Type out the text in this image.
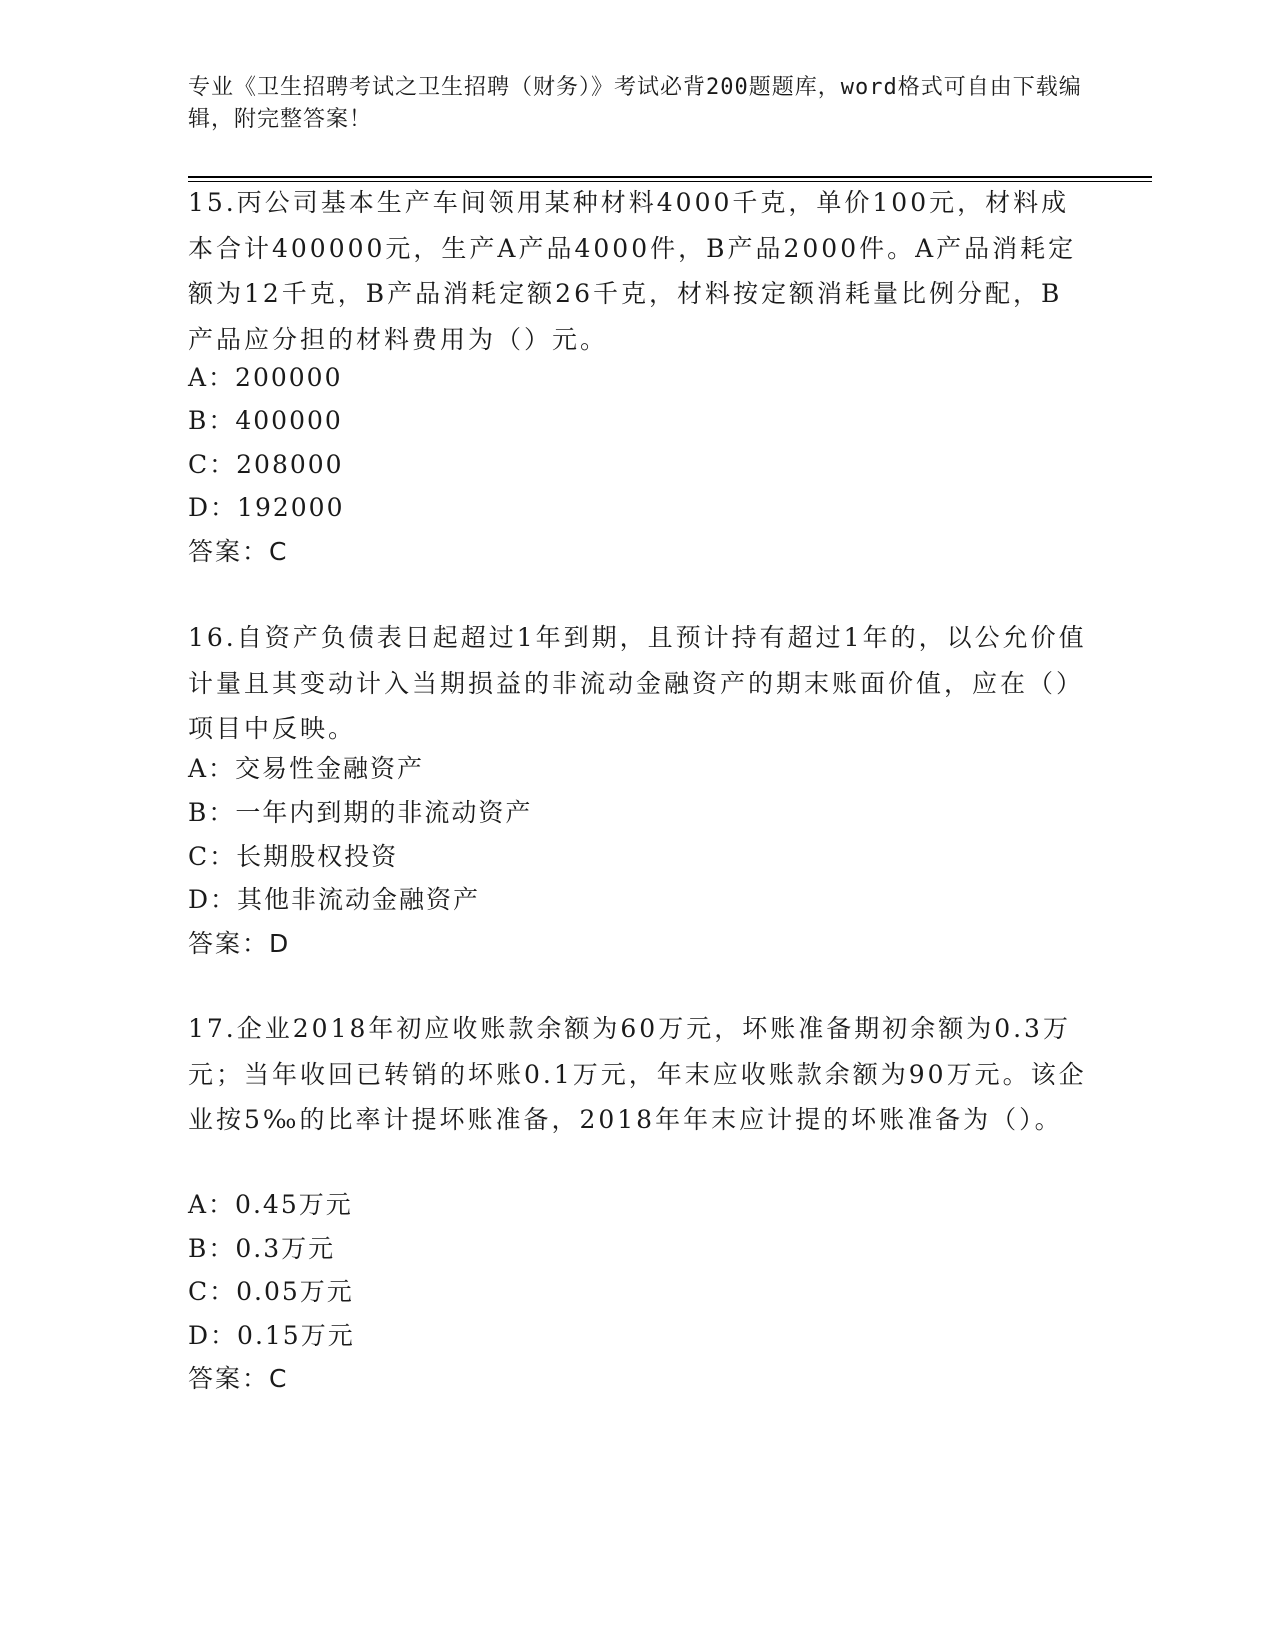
专业《卫生招聘考试之卫生招聘（财务）》考试必背200题题库，word格式可自由下载编辑，附完整答案！

15.丙公司基本生产车间领用某种材料4000千克，单价100元，材料成本合计400000元，生产A产品4000件，B产品2000件。A产品消耗定额为12千克，B产品消耗定额26千克，材料按定额消耗量比例分配，B产品应分担的材料费用为（）元。

A：200000
B：400000
C：208000
D：192000
答案：C

16.自资产负债表日起超过1年到期，且预计持有超过1年的，以公允价值计量且其变动计入当期损益的非流动金融资产的期末账面价值，应在（）项目中反映。

A：交易性金融资产
B：一年内到期的非流动资产
C：长期股权投资
D：其他非流动金融资产
答案：D

17.企业2018年初应收账款余额为60万元，坏账准备期初余额为0.3万元；当年收回已转销的坏账0.1万元，年末应收账款余额为90万元。该企业按5‰的比率计提坏账准备，2018年年末应计提的坏账准备为（）。

A：0.45万元
B：0.3万元
C：0.05万元
D：0.15万元
答案：C
